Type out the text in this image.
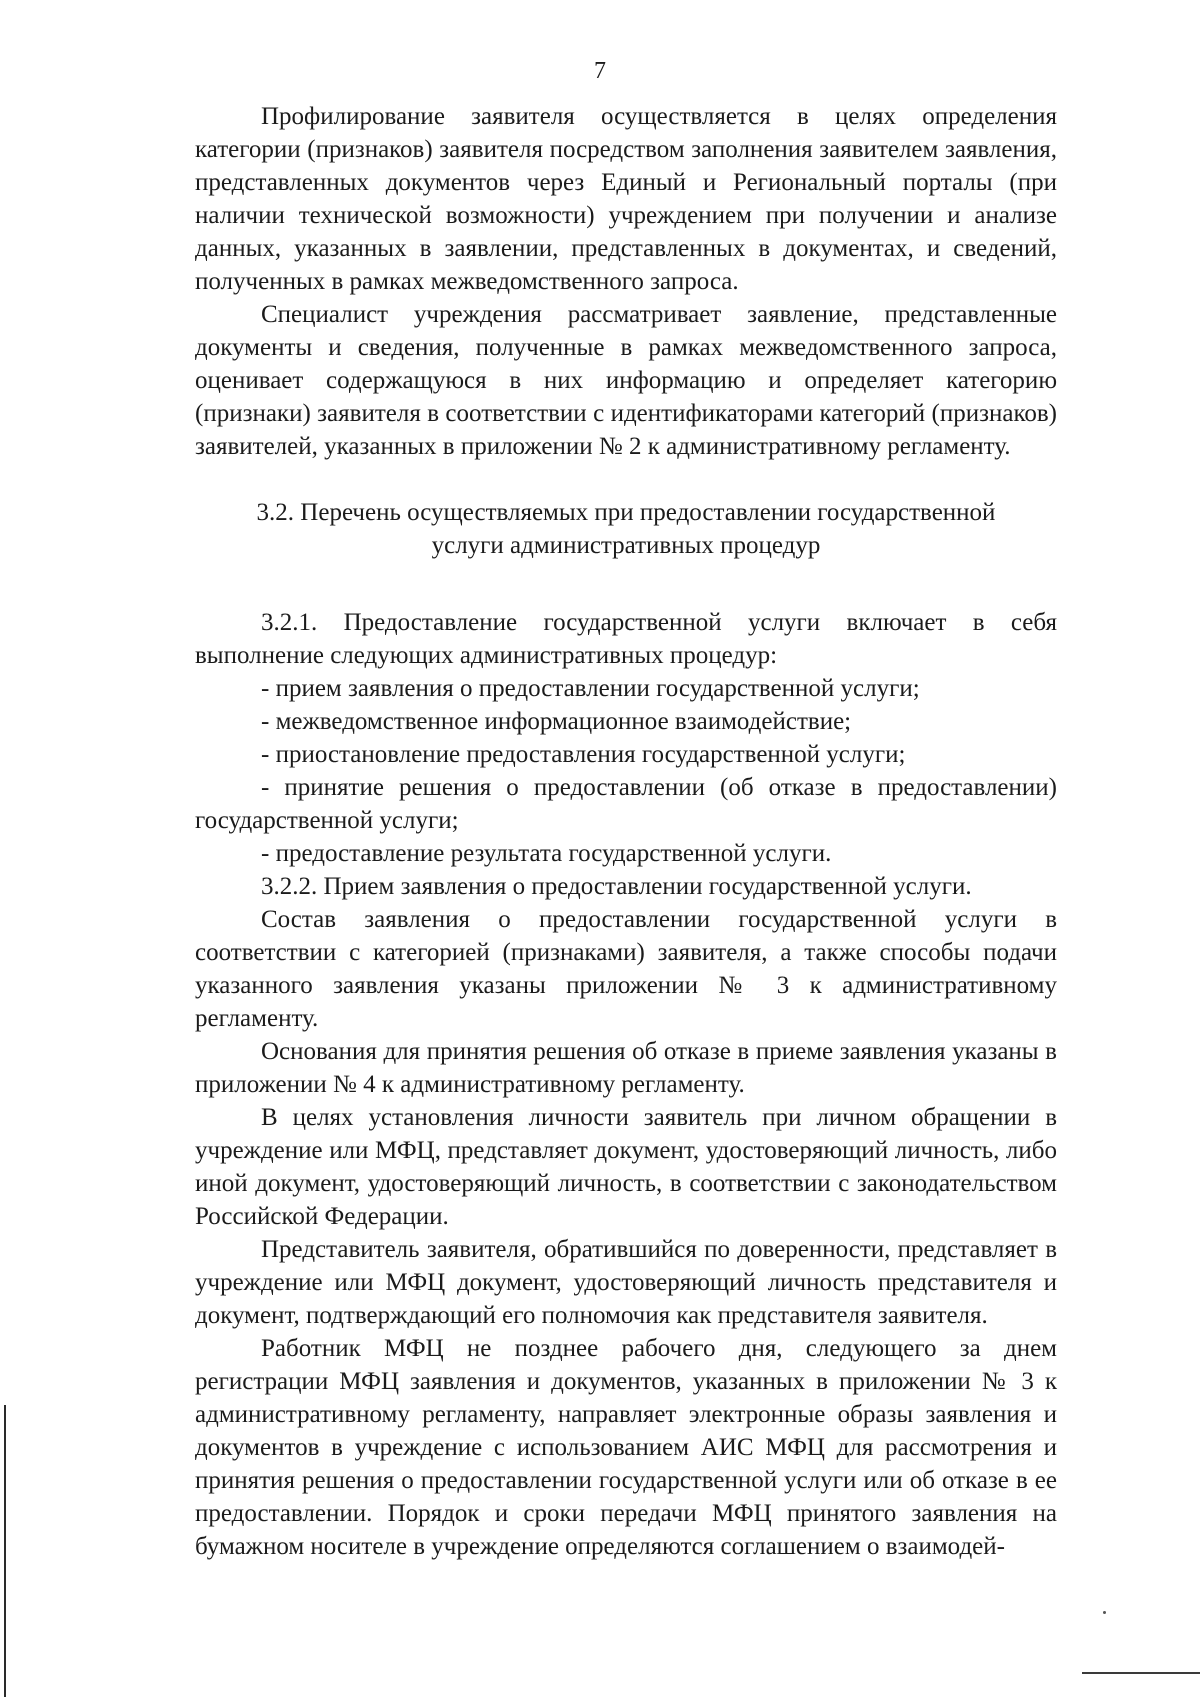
7

Профилирование заявителя осуществляется в целях определения категории (признаков) заявителя посредством заполнения заявителем заявления, представленных документов через Единый и Региональный порталы (при наличии технической возможности) учреждением при получении и анализе данных, указанных в заявлении, представленных в документах, и сведений, полученных в рамках межведомственного запроса.

Специалист учреждения рассматривает заявление, представленные документы и сведения, полученные в рамках межведомственного запроса, оценивает содержащуюся в них информацию и определяет категорию (признаки) заявителя в соответствии с идентификаторами категорий (признаков) заявителей, указанных в приложении № 2 к административному регламенту.

3.2. Перечень осуществляемых при предоставлении государственной услуги административных процедур

3.2.1. Предоставление государственной услуги включает в себя выполнение следующих административных процедур:

- прием заявления о предоставлении государственной услуги;

- межведомственное информационное взаимодействие;

- приостановление предоставления государственной услуги;

- принятие решения о предоставлении (об отказе в предоставлении) государственной услуги;

- предоставление результата государственной услуги.

3.2.2. Прием заявления о предоставлении государственной услуги.

Состав заявления о предоставлении государственной услуги в соответствии с категорией (признаками) заявителя, а также способы подачи указанного заявления указаны приложении № 3 к административному регламенту.

Основания для принятия решения об отказе в приеме заявления указаны в приложении № 4 к административному регламенту.

В целях установления личности заявитель при личном обращении в учреждение или МФЦ, представляет документ, удостоверяющий личность, либо иной документ, удостоверяющий личность, в соответствии с законодательством Российской Федерации.

Представитель заявителя, обратившийся по доверенности, представляет в учреждение или МФЦ документ, удостоверяющий личность представителя и документ, подтверждающий его полномочия как представителя заявителя.

Работник МФЦ не позднее рабочего дня, следующего за днем регистрации МФЦ заявления и документов, указанных в приложении № 3 к административному регламенту, направляет электронные образы заявления и документов в учреждение с использованием АИС МФЦ для рассмотрения и принятия решения о предоставлении государственной услуги или об отказе в ее предоставлении. Порядок и сроки передачи МФЦ принятого заявления на бумажном носителе в учреждение определяются соглашением о взаимодей-
